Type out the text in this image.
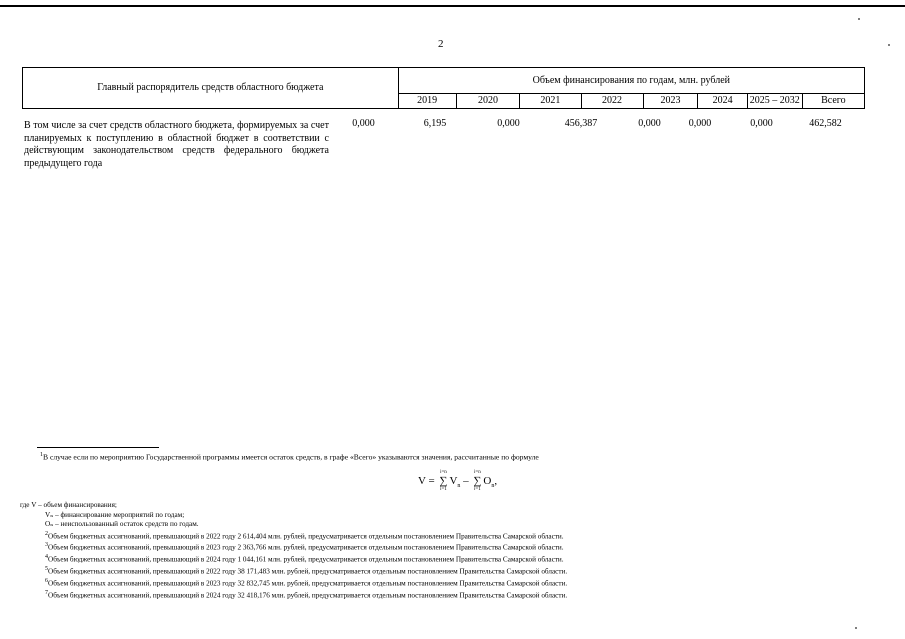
2
Главный распорядитель средств областного бюджета	Объем финансирования по годам, млн. рублей							
	2019	2020	2021	2022	2023	2024	2025 – 2032	Всего
В том числе за счет средств областного бюджета, формируемых за счет планируемых к поступлению в областной бюджет в соответствии с действующим законодательством средств федерального бюджета предыдущего года
0,000	6,195	0,000	456,387	0,000	0,000	0,000	462,582
$^1$В случае если по мероприятию Государственной программы имеется остаток средств, в графе «Всего» указываются значения, рассчитанные по формуле
V =
i=n
∑
i=1
$V_n$ –
i=n
∑
i=1
$O_n$,
где V – объем финансирования;
Vₙ – финансирование мероприятий по годам;
Oₙ – неиспользованный остаток средств по годам.
$^2$Объем бюджетных ассигнований, превышающий в 2022 году 2 614,404 млн. рублей, предусматривается отдельным постановлением Правительства Самарской области.
$^3$Объем бюджетных ассигнований, превышающий в 2023 году 2 363,766 млн. рублей, предусматривается отдельным постановлением Правительства Самарской области.
$^4$Объем бюджетных ассигнований, превышающий в 2024 году 1 044,161 млн. рублей, предусматривается отдельным постановлением Правительства Самарской области.
$^5$Объем бюджетных ассигнований, превышающий в 2022 году 38 171,483 млн. рублей, предусматривается отдельным постановлением Правительства Самарской области.
$^6$Объем бюджетных ассигнований, превышающий в 2023 году 32 832,745 млн. рублей, предусматривается отдельным постановлением Правительства Самарской области.
$^7$Объем бюджетных ассигнований, превышающий в 2024 году 32 418,176 млн. рублей, предусматривается отдельным постановлением Правительства Самарской области.
